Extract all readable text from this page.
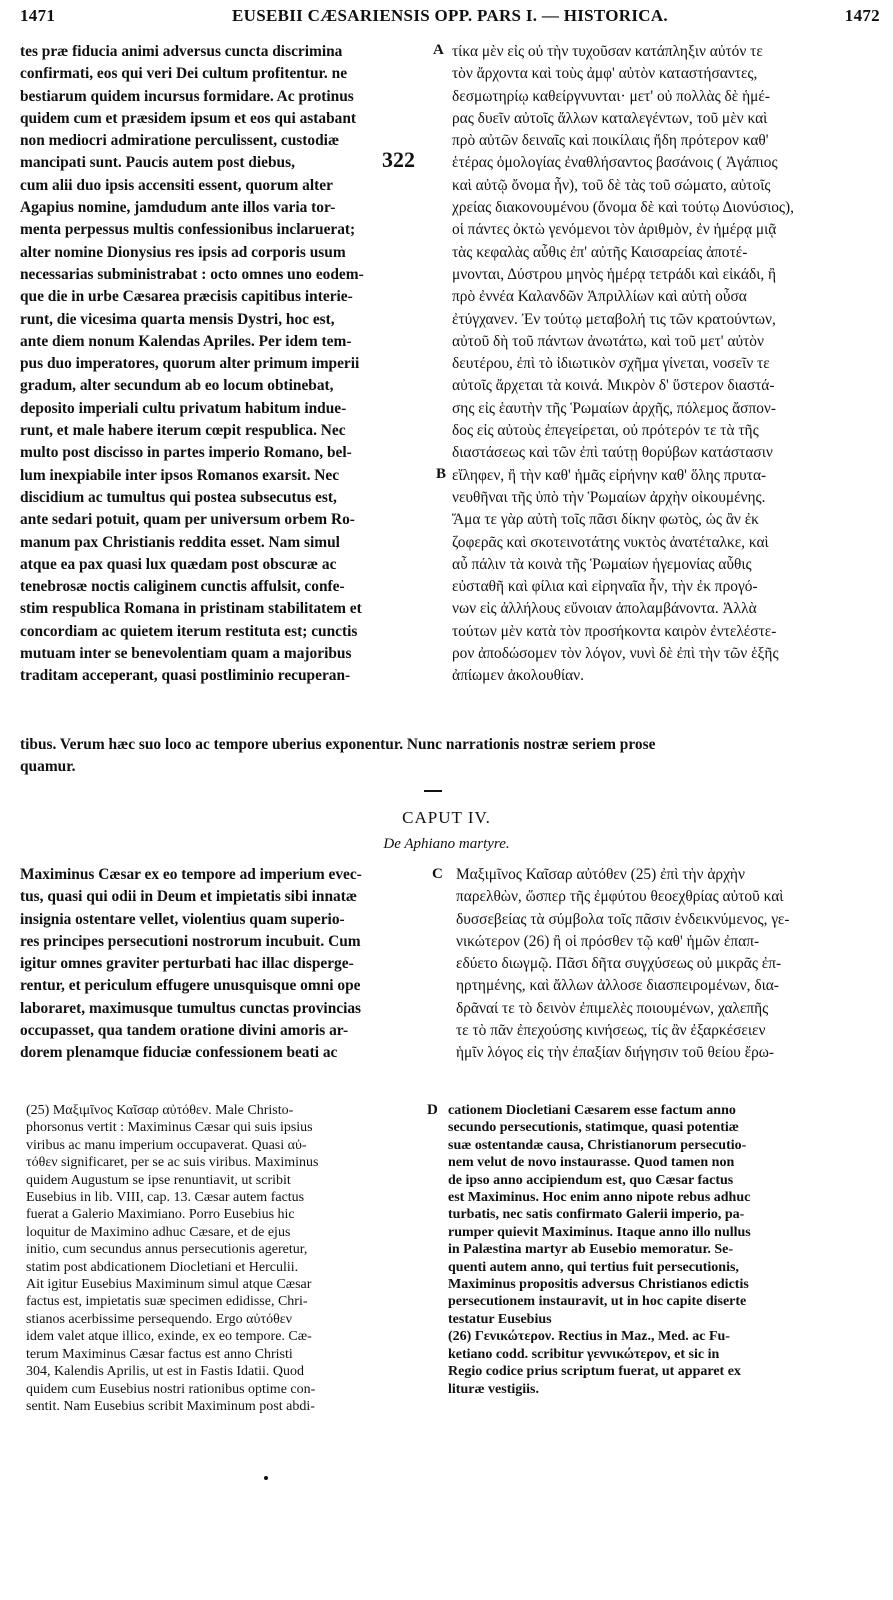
1471	EUSEBII CÆSARIENSIS OPP. PARS I. — HISTORICA.	1472
tes præ fiducia animi adversus cuncta discrimina
confirmati, eos qui veri Dei cultum profitentur. ne
bestiarum quidem incursus formidare. Ac protinus
quidem cum et præsidem ipsum et eos qui astabant
non mediocri admiratione perculissent, custodiæ
mancipati sunt. Paucis autem post diebus,
cum alii duo ipsis accensiti essent, quorum alter
Agapius nomine, jamdudum ante illos varia tor-
menta perpessus multis confessionibus inclaruerat;
alter nomine Dionysius res ipsis ad corporis usum
necessarias subministrabat : octo omnes uno eodem-
que die in urbe Cæsarea præcisis capitibus interie-
runt, die vicesima quarta mensis Dystri, hoc est,
ante diem nonum Kalendas Apriles. Per idem tem-
pus duo imperatores, quorum alter primum imperii
gradum, alter secundum ab eo locum obtinebat,
deposito imperiali cultu privatum habitum indue-
runt, et male habere iterum cœpit respublica. Nec
multo post discisso in partes imperio Romano, bel-
lum inexpiabile inter ipsos Romanos exarsit. Nec
discidium ac tumultus qui postea subsecutus est,
ante sedari potuit, quam per universum orbem Ro-
manum pax Christianis reddita esset. Nam simul
atque ea pax quasi lux quædam post obscuræ ac
tenebrosæ noctis caliginem cunctis affulsit, confe-
stim respublica Romana in pristinam stabilitatem et
concordiam ac quietem iterum restituta est; cunctis
mutuam inter se benevolentiam quam a majoribus
traditam acceperant, quasi postliminio recuperan-
322
A
B
τίκα μὲν εἰς οὐ τὴν τυχοῦσαν κατάπληξιν αὐτόν τε
τὸν ἄρχοντα καὶ τοὺς ἀμφ' αὐτὸν καταστήσαντες,
δεσμωτηρίῳ καθείργνυνται· μετ' οὐ πολλὰς δὲ ἡμέ-
ρας δυεῖν αὐτοῖς ἄλλων καταλεγέντων, τοῦ μὲν καὶ
πρὸ αὐτῶν δειναῖς καὶ ποικίλαις ἤδη πρότερον καθ'
ἑτέρας ὁμολογίας ἐναθλήσαντος βασάνοις ( Ἀγάπιος
καὶ αὐτῷ ὄνομα ἦν), τοῦ δὲ τὰς τοῦ σώματο, αὐτοῖς
χρείας διακονουμένου (ὄνομα δὲ καὶ τούτῳ Διονύσιος),
οἱ πάντες ὀκτὼ γενόμενοι τὸν ἀριθμὸν, ἐν ἡμέρᾳ μιᾷ
τὰς κεφαλὰς αὖθις ἐπ' αὐτῆς Καισαρείας ἀποτέ-
μνονται, Δύστρου μηνὸς ἡμέρᾳ τετράδι καὶ εἰκάδι, ἢ
πρὸ ἐννέα Καλανδῶν Ἀπριλλίων καὶ αὐτὴ οὖσα
ἐτύγχανεν. Ἐν τούτῳ μεταβολή τις τῶν κρατούντων,
αὐτοῦ δὴ τοῦ πάντων ἀνωτάτω, καὶ τοῦ μετ' αὐτὸν
δευτέρου, ἐπὶ τὸ ἰδιωτικὸν σχῆμα γίνεται, νοσεῖν τε
αὐτοῖς ἄρχεται τὰ κοινά. Μικρὸν δ' ὕστερον διαστά-
σης εἰς ἑαυτὴν τῆς Ῥωμαίων ἀρχῆς, πόλεμος ἄσπον-
δος εἰς αὐτοὺς ἐπεγείρεται, οὐ πρότερόν τε τὰ τῆς
διαστάσεως καὶ τῶν ἐπὶ ταύτῃ θορύβων κατάστασιν
εἴληφεν, ἢ τὴν καθ' ἡμᾶς εἰρήνην καθ' ὅλης πρυτα-
νευθῆναι τῆς ὑπὸ τὴν Ῥωμαίων ἀρχὴν οἰκουμένης.
Ἅμα τε γὰρ αὐτὴ τοῖς πᾶσι δίκην φωτὸς, ὡς ἂν ἐκ
ζοφερᾶς καὶ σκοτεινοτάτης νυκτὸς ἀνατέταλκε, καὶ
αὖ πάλιν τὰ κοινὰ τῆς Ῥωμαίων ἡγεμονίας αὖθις
εὐσταθῆ καὶ φίλια καὶ εἰρηναῖα ἦν, τὴν ἐκ προγό-
νων εἰς ἀλλήλους εὔνοιαν ἀπολαμβάνοντα. Ἀλλὰ
τούτων μὲν κατὰ τὸν προσήκοντα καιρὸν ἐντελέστε-
ρον ἀποδώσομεν τὸν λόγον, νυνὶ δὲ ἐπὶ τὴν τῶν ἑξῆς
ἀπίωμεν ἀκολουθίαν.
tibus. Verum hæc suo loco ac tempore uberius exponentur. Nunc narrationis nostræ seriem prose
quamur.
CAPUT IV.
De Aphiano martyre.
Maximinus Cæsar ex eo tempore ad imperium evec-
tus, quasi qui odii in Deum et impietatis sibi innatæ
insignia ostentare vellet, violentius quam superio-
res principes persecutioni nostrorum incubuit. Cum
igitur omnes graviter perturbati hac illac disperge-
rentur, et periculum effugere unusquisque omni ope
laboraret, maximusque tumultus cunctas provincias
occupasset, qua tandem oratione divini amoris ar-
dorem plenamque fiduciæ confessionem beati ac
C Μαξιμῖνος Καῖσαρ αὐτόθεν (25) ἐπὶ τὴν ἀρχὴν
παρελθὼν, ὥσπερ τῆς ἐμφύτου θεοεχθρίας αὐτοῦ καὶ
δυσσεβείας τὰ σύμβολα τοῖς πᾶσιν ἐνδεικνύμενος, γε-
νικώτερον (26) ἢ οἱ πρόσθεν τῷ καθ' ἡμῶν ἐπαπ-
εδύετο διωγμῷ. Πᾶσι δῆτα συγχύσεως οὐ μικρᾶς ἐπ-
ηρτημένης, καὶ ἄλλων ἀλλοσε διασπειρομένων, δια-
δρᾶναί τε τὸ δεινὸν ἐπιμελὲς ποιουμένων, χαλεπῆς
τε τὸ πᾶν ἐπεχούσης κινήσεως, τίς ἂν ἐξαρκέσειεν
ἡμῖν λόγος εἰς τὴν ἐπαξίαν διήγησιν τοῦ θείου ἔρω-
(25) Μαξιμῖνος Καῖσαρ αὐτόθεν. Male Christo-
phorsonus vertit : Maximinus Cæsar qui suis ipsius
viribus ac manu imperium occupaverat. Quasi αὐ-
τόθεν significaret, per se ac suis viribus. Maximinus
quidem Augustum se ipse renuntiavit, ut scribit
Eusebius in lib. VIII, cap. 13. Cæsar autem factus
fuerat a Galerio Maximiano. Porro Eusebius hic
loquitur de Maximino adhuc Cæsare, et de ejus
initio, cum secundus annus persecutionis ageretur,
statim post abdicationem Diocletiani et Herculii.
Ait igitur Eusebius Maximinum simul atque Cæsar
factus est, impietatis suæ specimen edidisse, Chri-
stianos acerbissime persequendo. Ergo αὐτόθεν
idem valet atque illico, exinde, ex eo tempore. Cæ-
terum Maximinus Cæsar factus est anno Christi
304, Kalendis Aprilis, ut est in Fastis Idatii. Quod
quidem cum Eusebius nostri rationibus optime con-
sentit. Nam Eusebius scribit Maximinum post abdi-
D cationem Diocletiani Cæsarem esse factum anno
secundo persecutionis, statimque, quasi potentiæ
suæ ostentandæ causa, Christianorum persecutio-
nem velut de novo instaurasse. Quod tamen non
de ipso anno accipiendum est, quo Cæsar factus
est Maximinus. Hoc enim anno nipote rebus adhuc
turbatis, nec satis confirmato Galerii imperio, pa-
rumper quievit Maximinus. Itaque anno illo nullus
in Palæstina martyr ab Eusebio memoratur. Se-
quenti autem anno, qui tertius fuit persecutionis,
Maximinus propositis adversus Christianos edictis
persecutionem instauravit, ut in hoc capite diserte
testatur Eusebius
(26) Γενικώτερον. Rectius in Maz., Med. ac Fu-
ketiano codd. scribitur γεννικώτερον, et sic in
Regio codice prius scriptum fuerat, ut apparet ex
lituræ vestigiis.
